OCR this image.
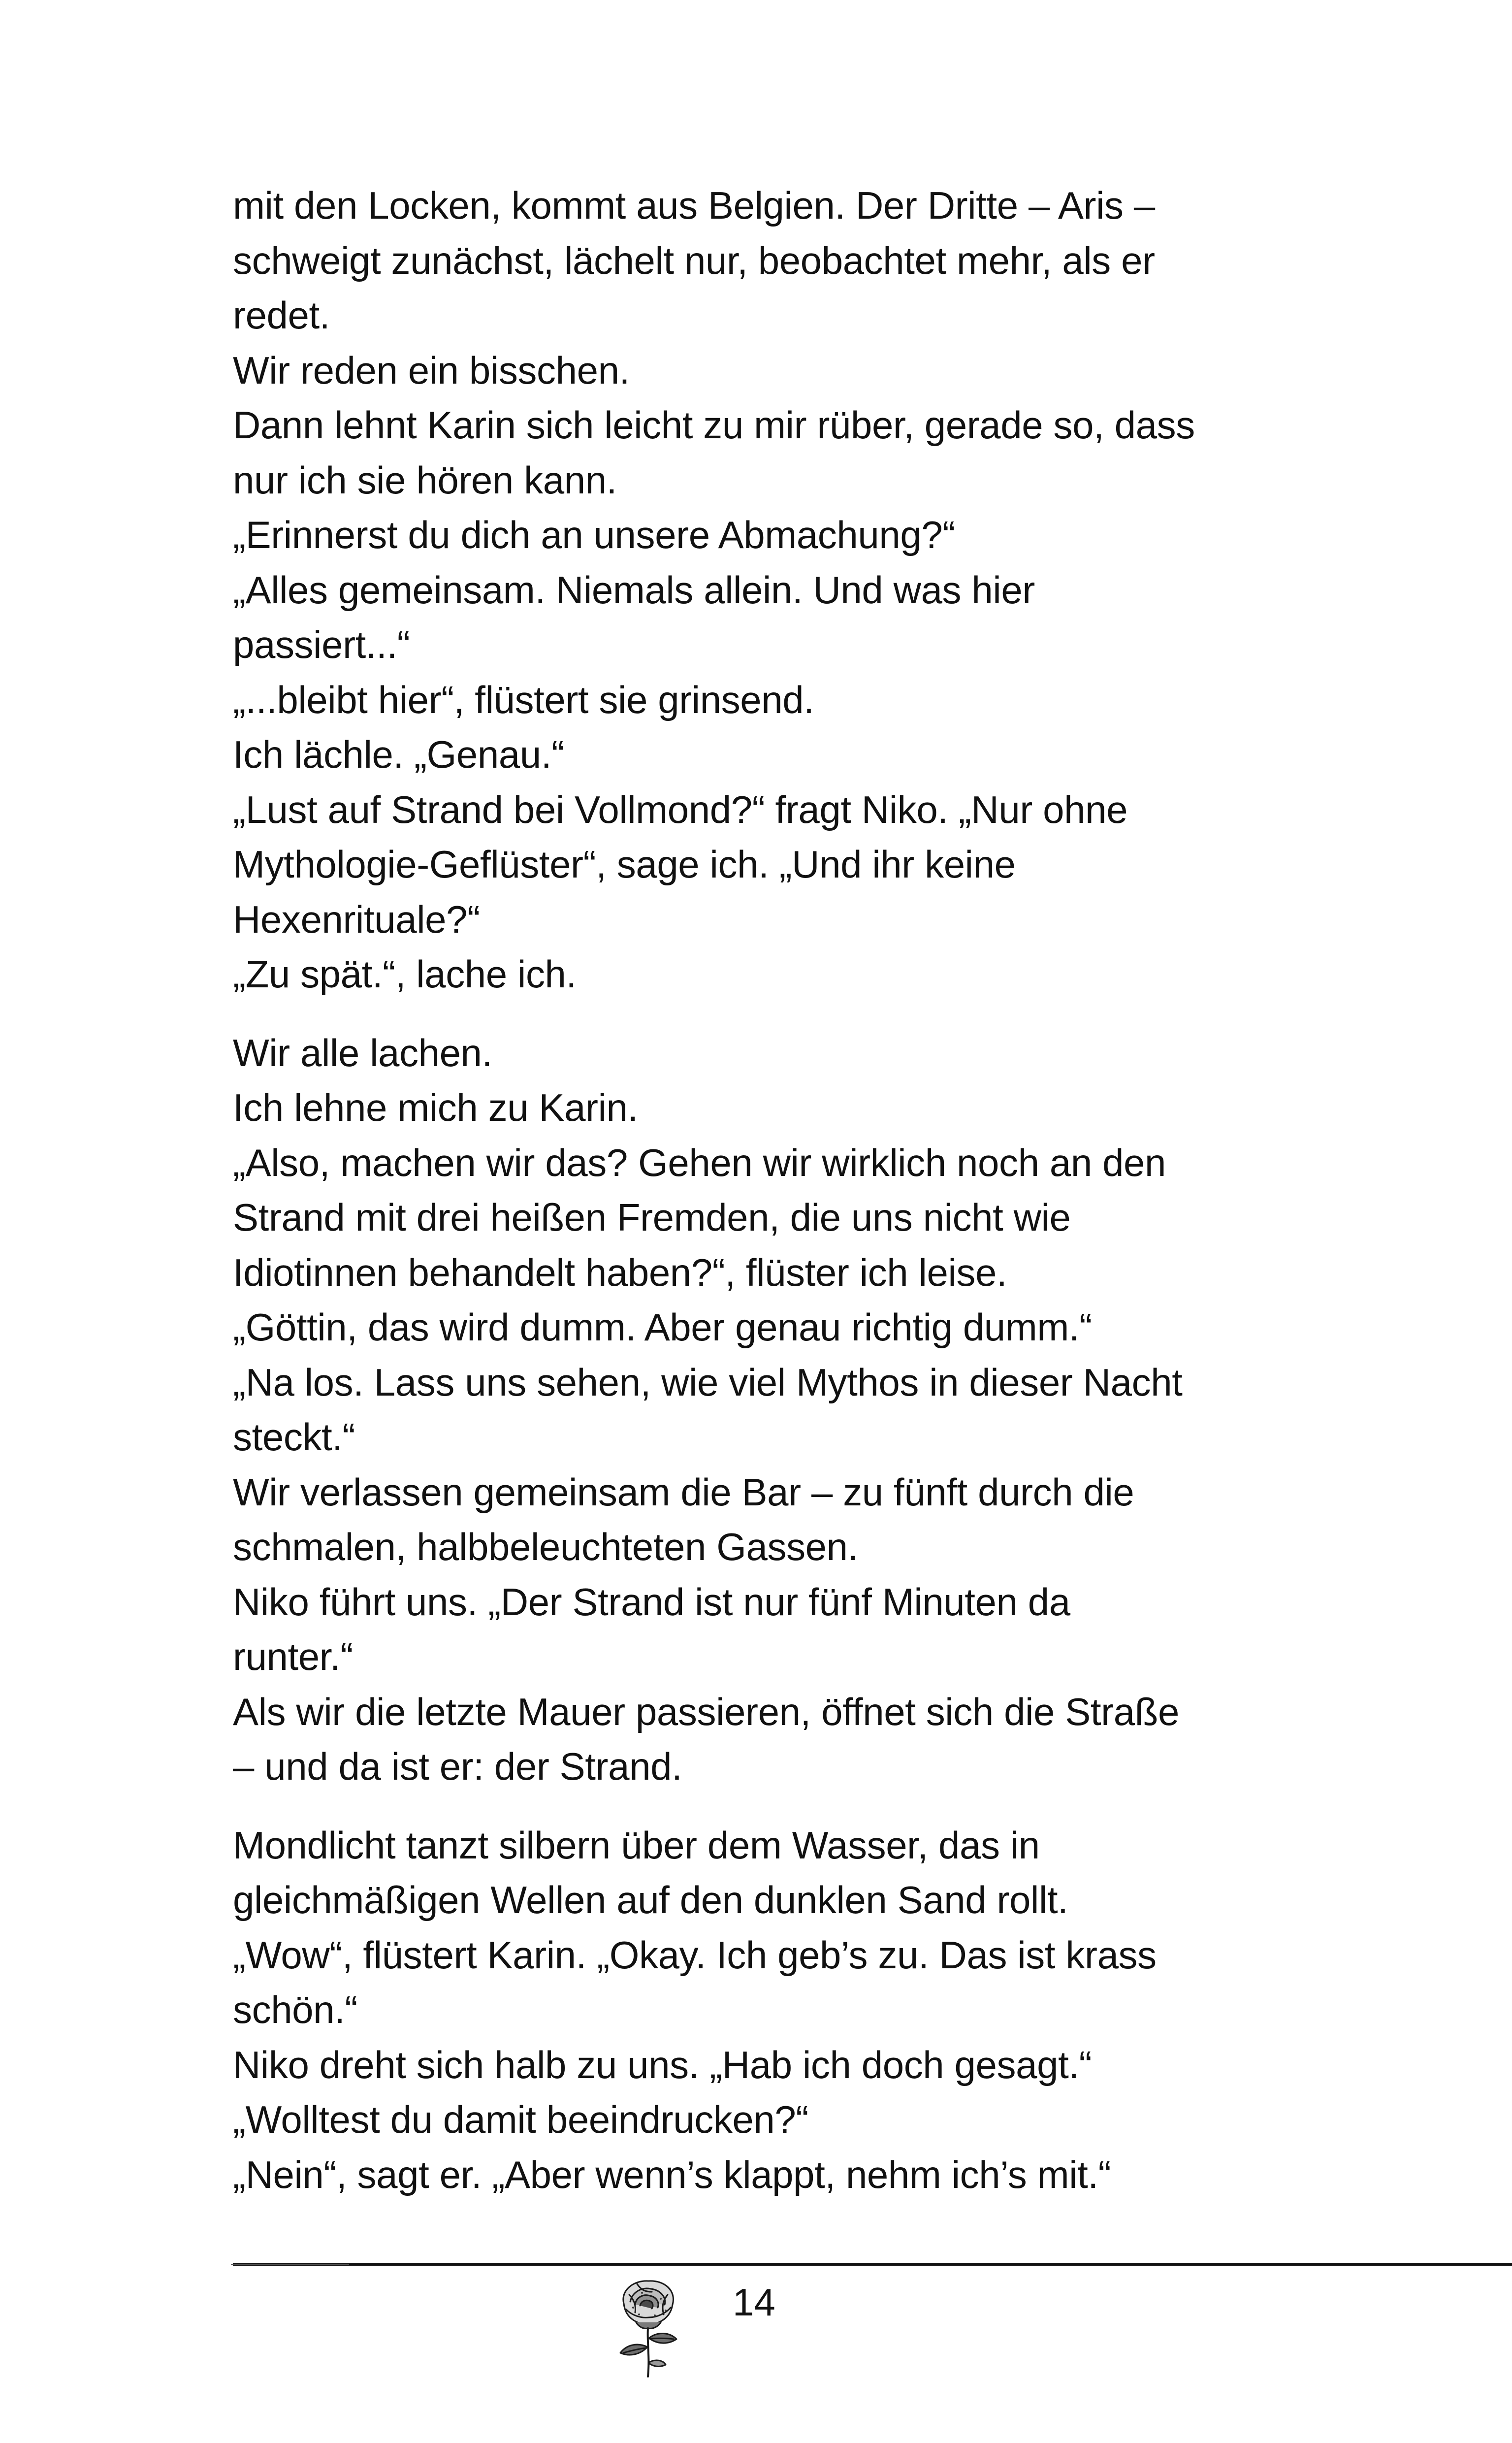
mit den Locken, kommt aus Belgien. Der Dritte – Aris –
schweigt zunächst, lächelt nur, beobachtet mehr, als er
redet.
Wir reden ein bisschen.
Dann lehnt Karin sich leicht zu mir rüber, gerade so, dass
nur ich sie hören kann.
„Erinnerst du dich an unsere Abmachung?“
„Alles gemeinsam. Niemals allein. Und was hier
passiert...“
„...bleibt hier“, flüstert sie grinsend.
Ich lächle. „Genau.“
„Lust auf Strand bei Vollmond?“ fragt Niko. „Nur ohne
Mythologie-Geflüster“, sage ich. „Und ihr keine
Hexenrituale?“
„Zu spät.“, lache ich.

Wir alle lachen.
Ich lehne mich zu Karin.
„Also, machen wir das? Gehen wir wirklich noch an den
Strand mit drei heißen Fremden, die uns nicht wie
Idiotinnen behandelt haben?“, flüster ich leise.
„Göttin, das wird dumm. Aber genau richtig dumm.“
„Na los. Lass uns sehen, wie viel Mythos in dieser Nacht
steckt.“
Wir verlassen gemeinsam die Bar – zu fünft durch die
schmalen, halbbeleuchteten Gassen.
Niko führt uns. „Der Strand ist nur fünf Minuten da
runter.“
Als wir die letzte Mauer passieren, öffnet sich die Straße
– und da ist er: der Strand.

Mondlicht tanzt silbern über dem Wasser, das in
gleichmäßigen Wellen auf den dunklen Sand rollt.
„Wow“, flüstert Karin. „Okay. Ich geb’s zu. Das ist krass
schön.“
Niko dreht sich halb zu uns. „Hab ich doch gesagt.“
„Wolltest du damit beeindrucken?“
„Nein“, sagt er. „Aber wenn’s klappt, nehm ich’s mit.“

14
